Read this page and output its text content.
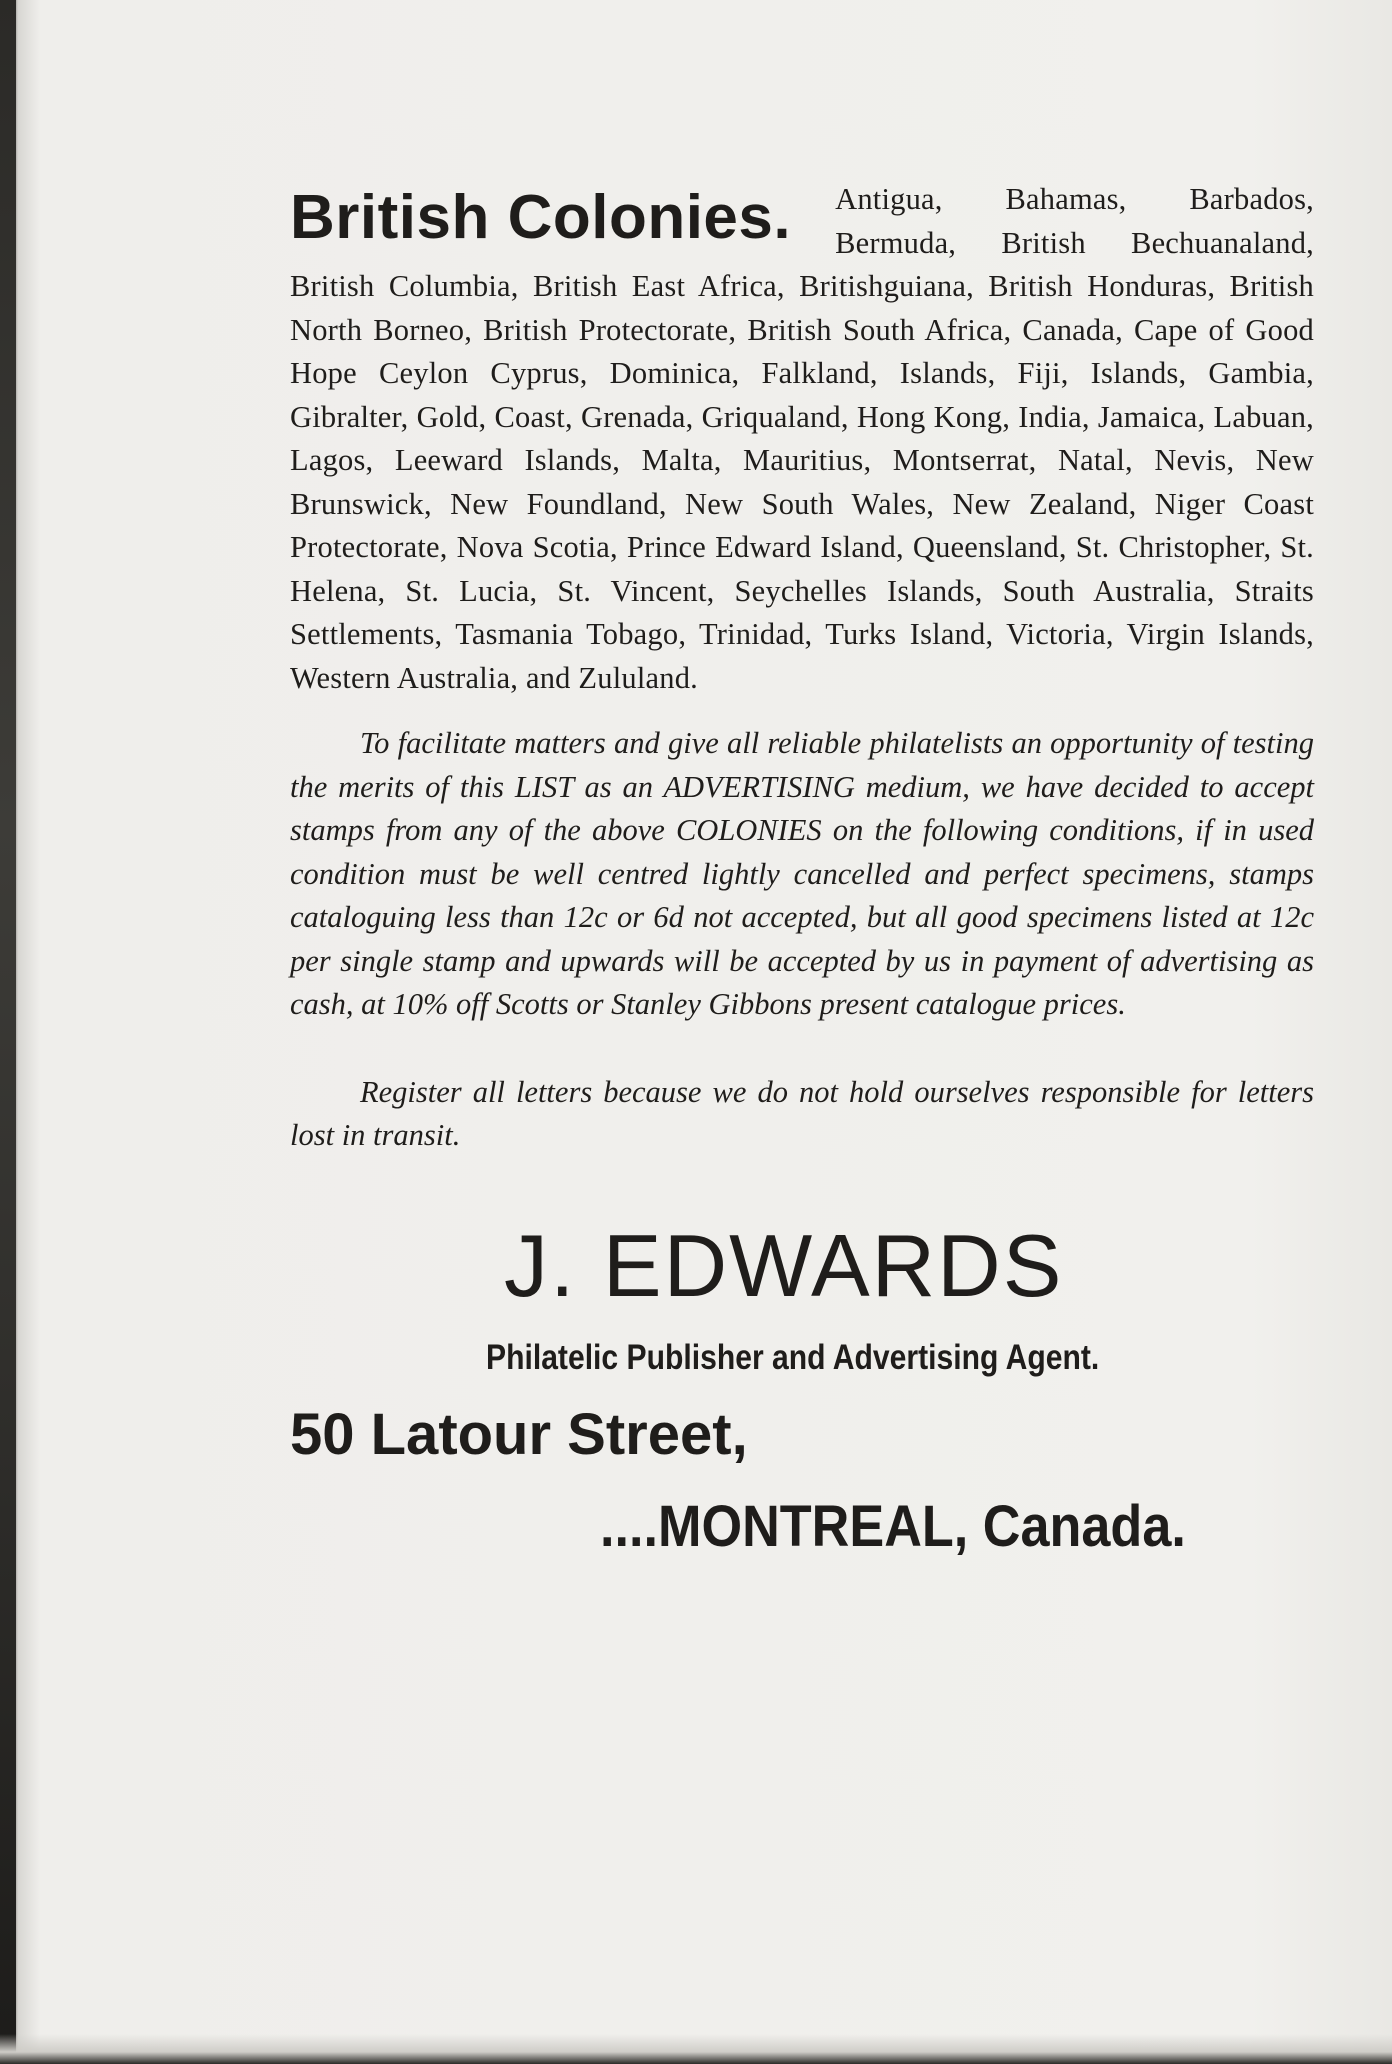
British Colonies. Antigua, Bahamas, Barbados, Bermuda, British Bechuanaland, British Columbia, British East Africa, Britishguiana, British Honduras, British North Borneo, British Protectorate, British South Africa, Canada, Cape of Good Hope Ceylon Cyprus, Dominica, Falkland, Islands, Fiji, Islands, Gambia, Gibralter, Gold, Coast, Grenada, Griqualand, Hong Kong, India, Jamaica, Labuan, Lagos, Leeward Islands, Malta, Mauritius, Montserrat, Natal, Nevis, New Brunswick, New Foundland, New South Wales, New Zealand, Niger Coast Protectorate, Nova Scotia, Prince Edward Island, Queensland, St. Christopher, St. Helena, St. Lucia, St. Vincent, Seychelles Islands, South Australia, Straits Settlements, Tasmania Tobago, Trinidad, Turks Island, Victoria, Virgin Islands, Western Australia, and Zululand.

To facilitate matters and give all reliable philatelists an opportunity of testing the merits of this LIST as an ADVERTISING medium, we have decided to accept stamps from any of the above COLONIES on the following conditions, if in used condition must be well centred lightly cancelled and perfect specimens, stamps cataloguing less than 12c or 6d not accepted, but all good specimens listed at 12c per single stamp and upwards will be accepted by us in payment of advertising as cash, at 10% off Scotts or Stanley Gibbons present catalogue prices.

Register all letters because we do not hold ourselves responsible for letters lost in transit.

J. EDWARDS
Philatelic Publisher and Advertising Agent.
50 Latour Street,
....MONTREAL, Canada.
